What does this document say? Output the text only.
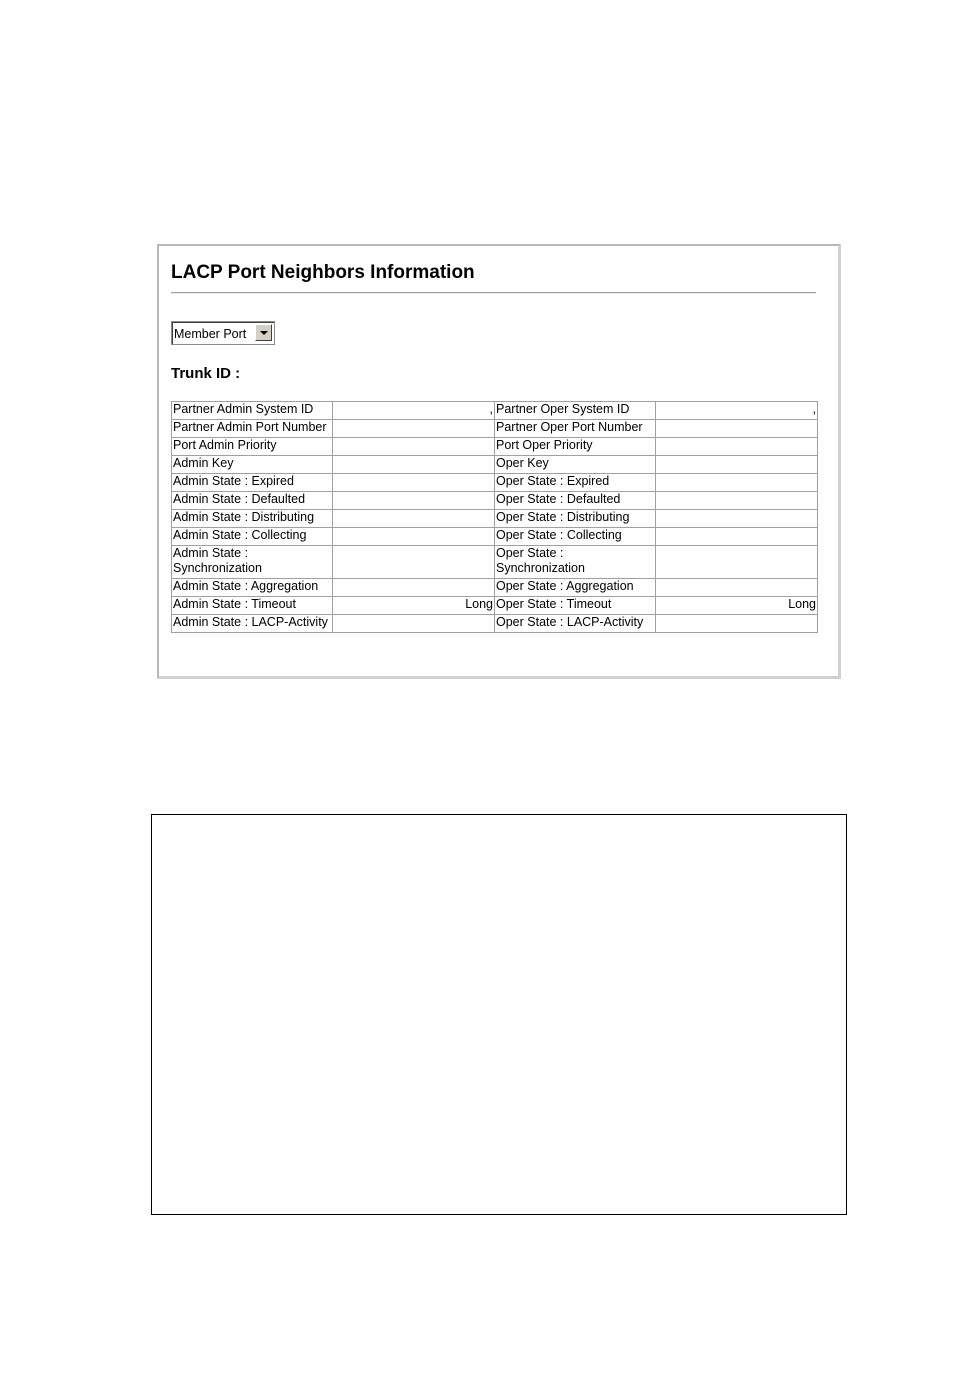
LACP Port Neighbors Information
Member Port
Trunk ID :
Partner Admin System ID	,	Partner Oper System ID	,
Partner Admin Port Number		Partner Oper Port Number	
Port Admin Priority		Port Oper Priority	
Admin Key		Oper Key	
Admin State : Expired		Oper State : Expired	
Admin State : Defaulted		Oper State : Defaulted	
Admin State : Distributing		Oper State : Distributing	
Admin State : Collecting		Oper State : Collecting	
Admin State : Synchronization		Oper State : Synchronization	
Admin State : Aggregation		Oper State : Aggregation	
Admin State : Timeout	Long	Oper State : Timeout	Long
Admin State : LACP-Activity		Oper State : LACP-Activity	
